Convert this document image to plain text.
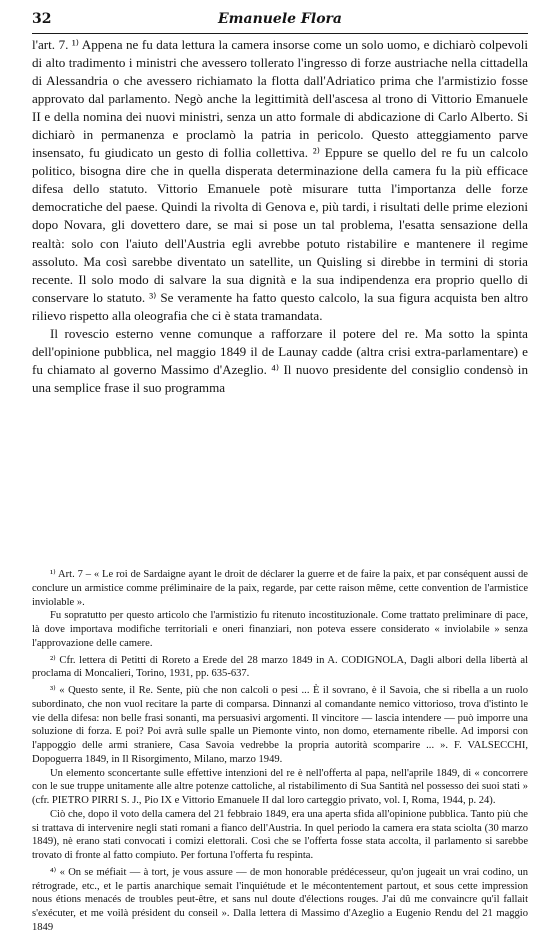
32	Emanuele Flora

l'art. 7. ¹⁾ Appena ne fu data lettura la camera insorse come un solo uomo, e dichiarò colpevoli di alto tradimento i ministri che avessero tollerato l'ingresso di forze austriache nella cittadella di Alessandria o che avessero richiamato la flotta dall'Adriatico prima che l'armistizio fosse approvato dal parlamento. Negò anche la legittimità dell'ascesa al trono di Vittorio Emanuele II e della nomina dei nuovi ministri, senza un atto formale di abdicazione di Carlo Alberto. Si dichiarò in permanenza e proclamò la patria in pericolo. Questo atteggiamento parve insensato, fu giudicato un gesto di follia collettiva. ²⁾ Eppure se quello del re fu un calcolo politico, bisogna dire che in quella disperata determinazione della camera fu la più efficace difesa dello statuto. Vittorio Emanuele potè misurare tutta l'importanza delle forze democratiche del paese. Quindi la rivolta di Genova e, più tardi, i risultati delle prime elezioni dopo Novara, gli dovettero dare, se mai si pose un tal problema, l'esatta sensazione della realtà: solo con l'aiuto dell'Austria egli avrebbe potuto ristabilire e mantenere il regime assoluto. Ma così sarebbe diventato un satellite, un Quisling si direbbe in termini di storia recente. Il solo modo di salvare la sua dignità e la sua indipendenza era proprio quello di conservare lo statuto. ³⁾ Se veramente ha fatto questo calcolo, la sua figura acquista ben altro rilievo rispetto alla oleografia che ci è stata tramandata.

Il rovescio esterno venne comunque a rafforzare il potere del re. Ma sotto la spinta dell'opinione pubblica, nel maggio 1849 il de Launay cadde (altra crisi extra-parlamentare) e fu chiamato al governo Massimo d'Azeglio. ⁴⁾ Il nuovo presidente del consiglio condensò in una semplice frase il suo programma

¹⁾ Art. 7 – « Le roi de Sardaigne ayant le droit de déclarer la guerre et de faire la paix, et par conséquent aussi de conclure un armistice comme préliminaire de la paix, regarde, par cette raison même, cette convention de l'armistice inviolable ».

Fu sopratutto per questo articolo che l'armistizio fu ritenuto incostituzionale. Come trattato preliminare di pace, là dove importava modifiche territoriali e oneri finanziari, non poteva essere considerato « inviolabile » senza l'approvazione delle camere.

²⁾ Cfr. lettera di Petitti di Roreto a Erede del 28 marzo 1849 in A. CODIGNOLA, Dagli albori della libertà al proclama di Moncalieri, Torino, 1931, pp. 635-637.

³⁾ « Questo sente, il Re. Sente, più che non calcoli o pesi ... È il sovrano, è il Savoia, che si ribella a un ruolo subordinato, che non vuol recitare la parte di comparsa. Dinnanzi al comandante nemico vittorioso, trova d'istinto le vie della difesa: non belle frasi sonanti, ma persuasivi argomenti. Il vincitore — lascia intendere — può imporre una soluzione di forza. E poi? Poi avrà sulle spalle un Piemonte vinto, non domo, eternamente ribelle. Ad imporsi con l'appoggio delle armi straniere, Casa Savoia vedrebbe la propria autorità scomparire ... ». F. VALSECCHI, Dopoguerra 1849, in Il Risorgimento, Milano, marzo 1949.

Un elemento sconcertante sulle effettive intenzioni del re è nell'offerta al papa, nell'aprile 1849, di « concorrere con le sue truppe unitamente alle altre potenze cattoliche, al ristabilimento di Sua Santità nel possesso dei suoi stati » (cfr. PIETRO PIRRI S. J., Pio IX e Vittorio Emanuele II dal loro carteggio privato, vol. I, Roma, 1944, p. 24).

Ciò che, dopo il voto della camera del 21 febbraio 1849, era una aperta sfida all'opinione pubblica. Tanto più che si trattava di intervenire negli stati romani a fianco dell'Austria. In quel periodo la camera era stata sciolta (30 marzo 1849), nè erano stati convocati i comizi elettorali. Così che se l'offerta fosse stata accolta, il parlamento si sarebbe trovato di fronte al fatto compiuto. Per fortuna l'offerta fu respinta.

⁴⁾ « On se méfiait — à tort, je vous assure — de mon honorable prédécesseur, qu'on jugeait un vrai codino, un rétrograde, etc., et le partis anarchique semait l'inquiétude et le mécontentement partout, et sous cette impression nous étions menacés de troubles peut-être, et sans nul doute d'élections rouges. J'ai dû me convaincre qu'il fallait s'exécuter, et me voilà président du conseil ». Dalla lettera di Massimo d'Azeglio a Eugenio Rendu del 21 maggio 1849
